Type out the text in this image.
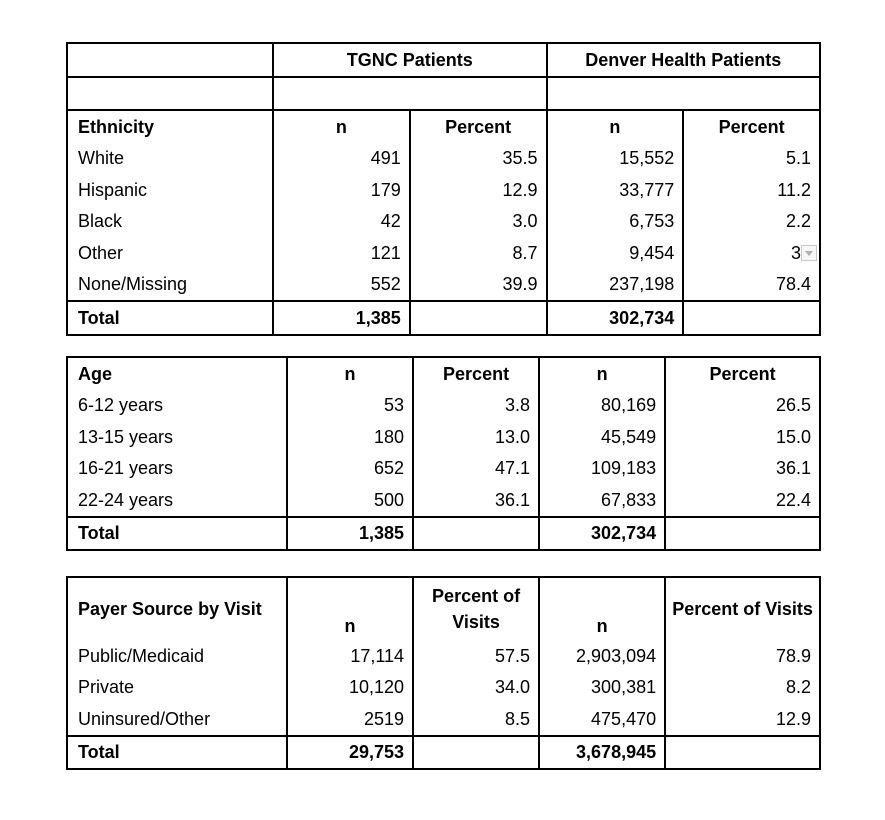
	TGNC Patients		Denver Health Patients	

Ethnicity	n	Percent	n	Percent
White	491	35.5	15,552	5.1
Hispanic	179	12.9	33,777	11.2
Black	42	3.0	6,753	2.2
Other	121	8.7	9,454	3
None/Missing	552	39.9	237,198	78.4
Total	1,385		302,734	
Age	n	Percent	n	Percent
6-12 years	53	3.8	80,169	26.5
13-15 years	180	13.0	45,549	15.0
16-21 years	652	47.1	109,183	36.1
22-24 years	500	36.1	67,833	22.4
Total	1,385		302,734	
Payer Source by Visit	n	Percent of Visits	n	Percent of Visits
Public/Medicaid	17,114	57.5	2,903,094	78.9
Private	10,120	34.0	300,381	8.2
Uninsured/Other	2519	8.5	475,470	12.9
Total	29,753		3,678,945	
